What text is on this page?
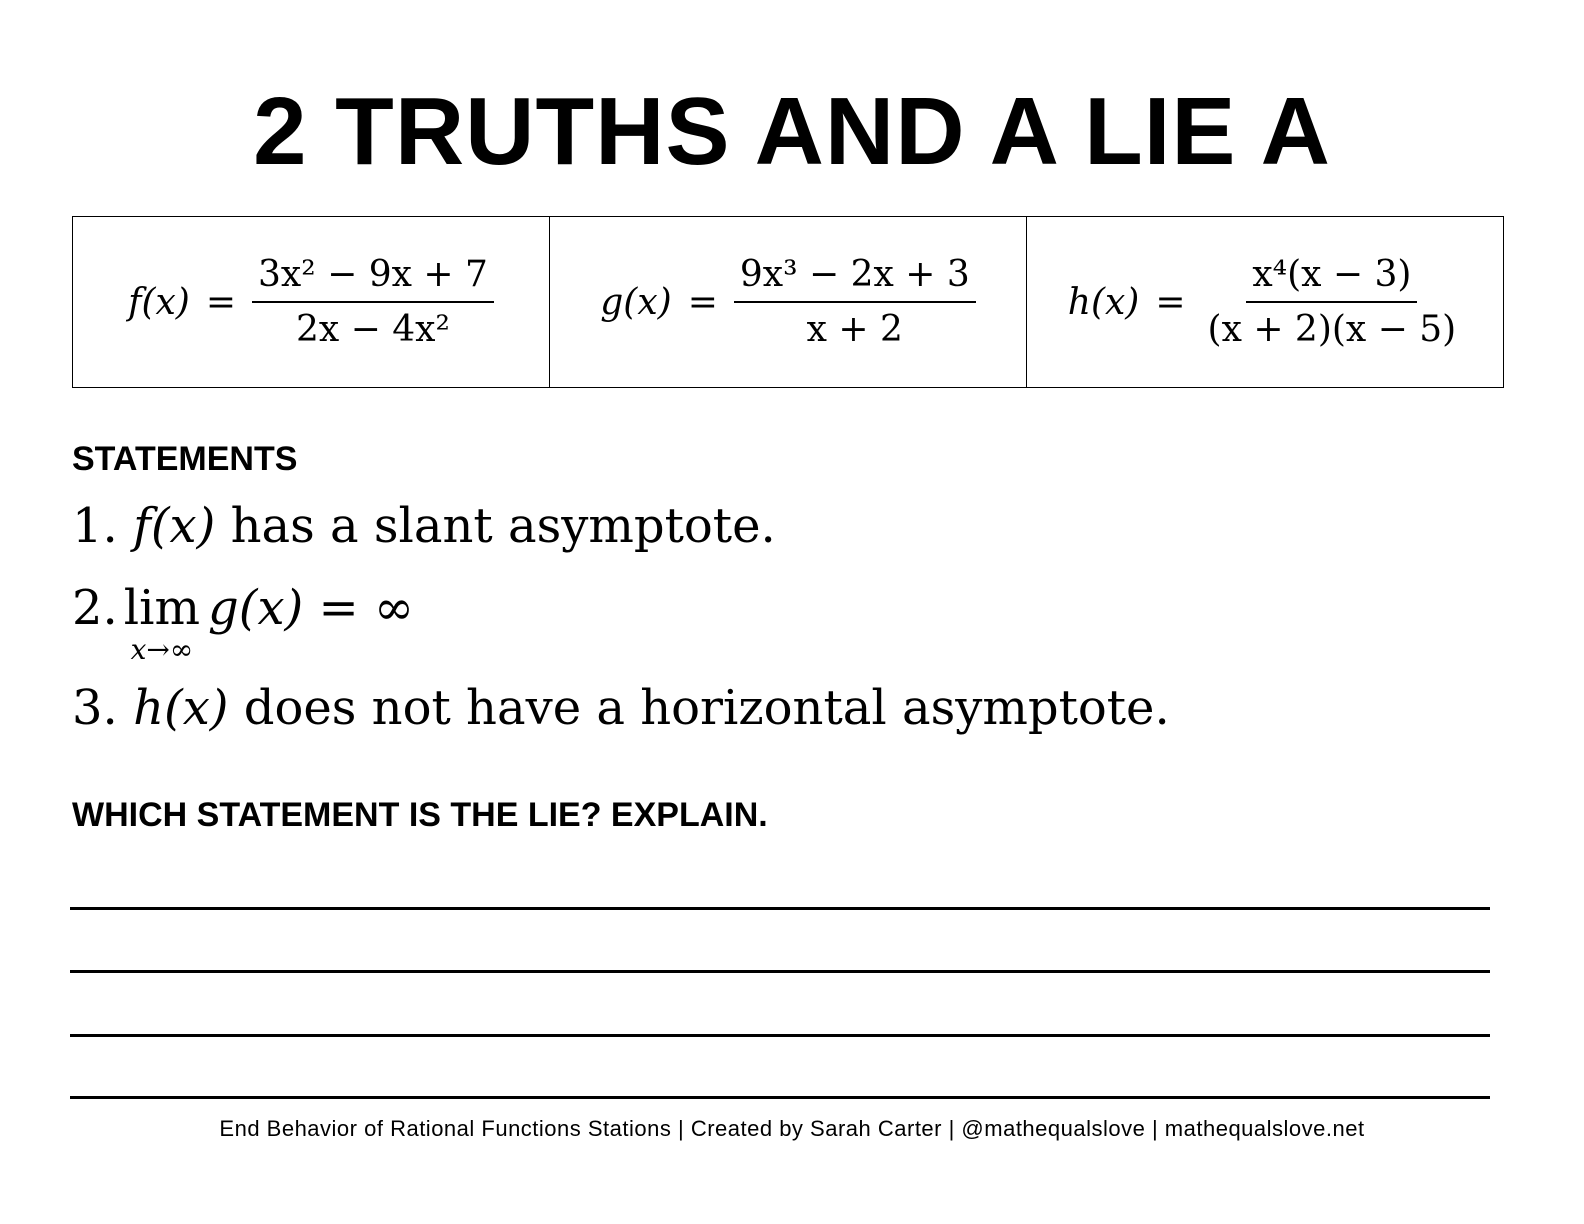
2 TRUTHS AND A LIE A
$f(x) = \frac{\text{3x² − 9x + 7}}{\text{2x − 4x²}}$	$g(x) = \frac{\text{9x³ − 2x + 3}}{x + 2}$	$h(x) = \frac{\text{x⁴(x − 3)}}{(x + 2)(x - 5)}$
STATEMENTS
1. f(x) has a slant asymptote.
2. lim
x→∞
g(x) = ∞
3. h(x) does not have a horizontal asymptote.
WHICH STATEMENT IS THE LIE? EXPLAIN.
End Behavior of Rational Functions Stations | Created by Sarah Carter | @mathequalslove | mathequalslove.net
